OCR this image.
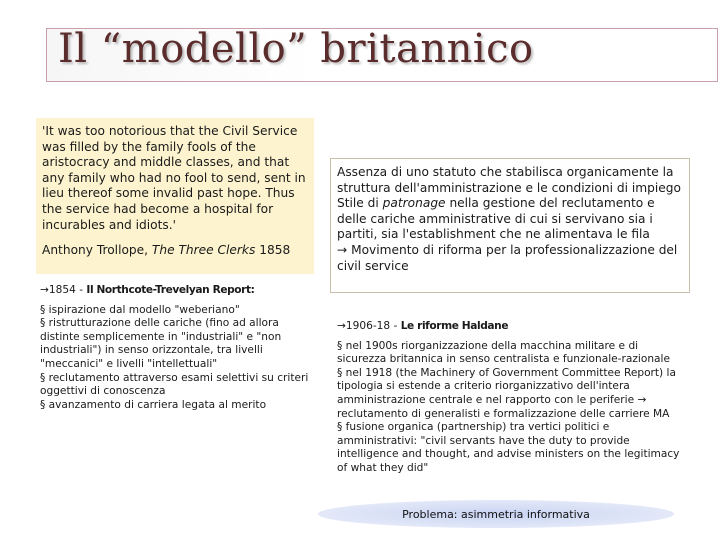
Il “modello” britannico
'It was too notorious that the Civil Service was filled by the family fools of the aristocracy and middle classes, and that any family who had no fool to send, sent in lieu thereof some invalid past hope. Thus the service had become a hospital for incurables and idiots.'
Anthony Trollope, The Three Clerks 1858
Assenza di uno statuto che stabilisca organicamente la struttura dell'amministrazione e le condizioni di impiego
Stile di patronage nella gestione del reclutamento e delle cariche amministrative di cui si servivano sia i partiti, sia l'establishment che ne alimentava le fila
→ Movimento di riforma per la professionalizzazione del civil service
→1854 - Il Northcote-Trevelyan Report:

§ ispirazione dal modello "weberiano"

§ ristrutturazione delle cariche (fino ad allora distinte semplicemente in "industriali" e "non industriali") in senso orizzontale, tra livelli "meccanici" e livelli "intellettuali"

§ reclutamento attraverso esami selettivi su criteri oggettivi di conoscenza

§ avanzamento di carriera legata al merito

→1906-18 - Le riforme Haldane

§ nel 1900s riorganizzazione della macchina militare e di sicurezza britannica in senso centralista e funzionale-razionale

§ nel 1918 (the Machinery of Government Committee Report) la tipologia si estende a criterio riorganizzativo dell'intera amministrazione centrale e nel rapporto con le periferie → reclutamento di generalisti e formalizzazione delle carriere MA

§ fusione organica (partnership) tra vertici politici e amministrativi: "civil servants have the duty to provide intelligence and thought, and advise ministers on the legitimacy of what they did"

Problema: asimmetria informativa
